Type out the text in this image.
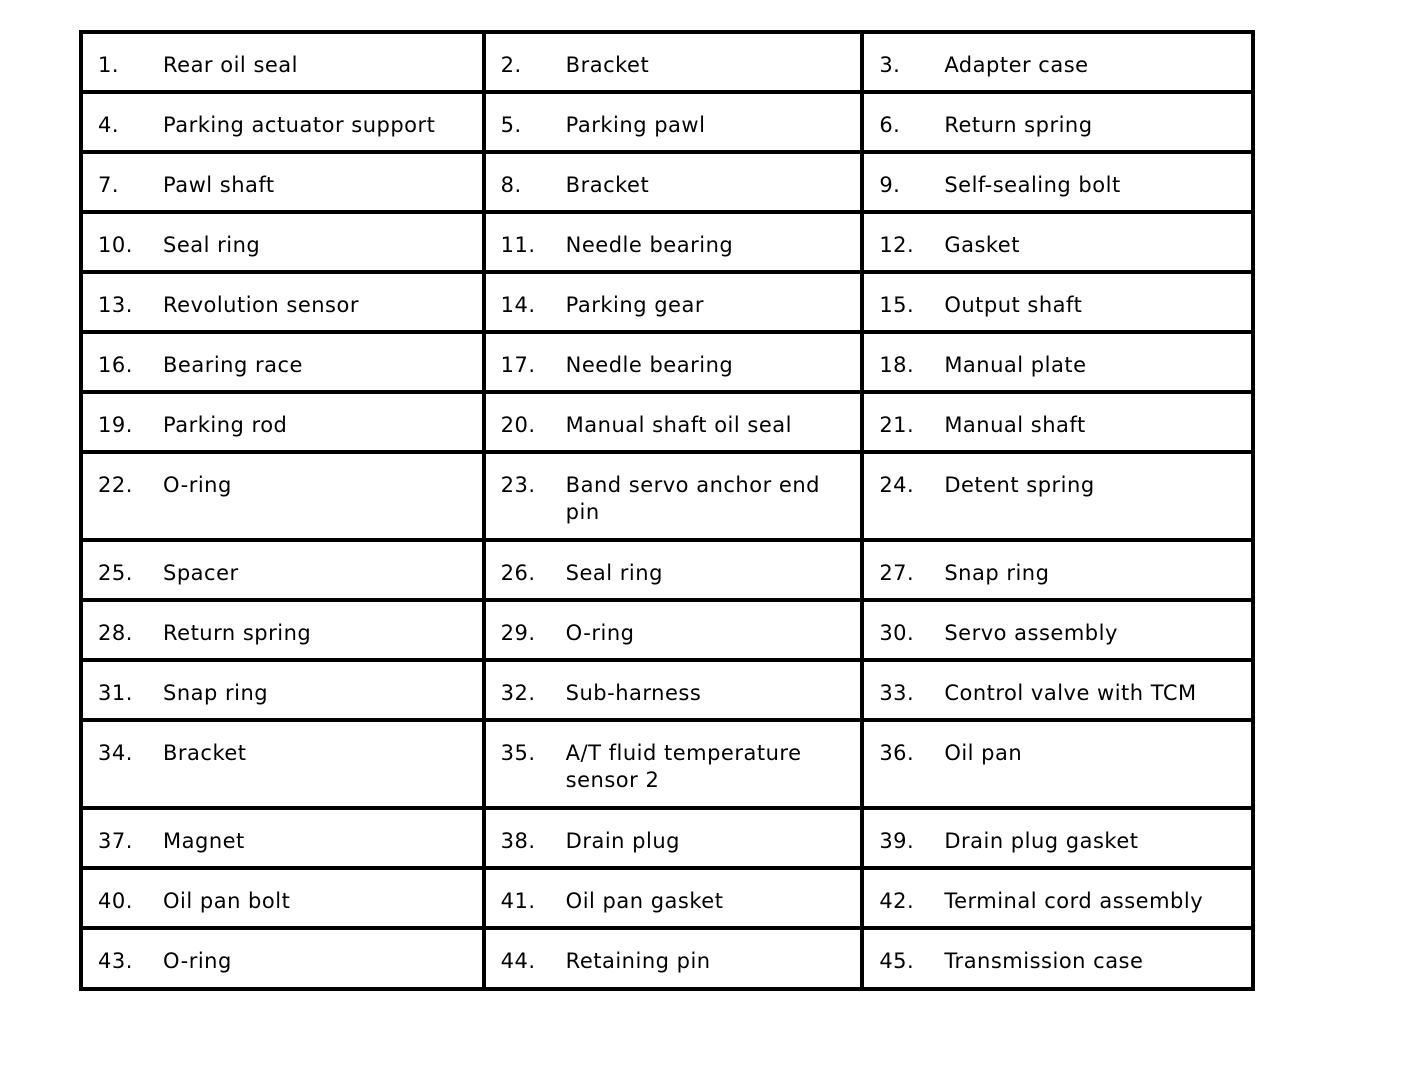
1. Rear oil seal	2. Bracket	3. Adapter case

4. Parking actuator support	5. Parking pawl	6. Return spring

7. Pawl shaft	8. Bracket	9. Self-sealing bolt

10. Seal ring	11. Needle bearing	12. Gasket

13. Revolution sensor	14. Parking gear	15. Output shaft

16. Bearing race	17. Needle bearing	18. Manual plate

19. Parking rod	20. Manual shaft oil seal	21. Manual shaft

22. O-ring	23. Band servo anchor end pin	24. Detent spring

25. Spacer	26. Seal ring	27. Snap ring

28. Return spring	29. O-ring	30. Servo assembly

31. Snap ring	32. Sub-harness	33. Control valve with TCM

34. Bracket	35. A/T fluid temperature sensor 2	36. Oil pan

37. Magnet	38. Drain plug	39. Drain plug gasket

40. Oil pan bolt	41. Oil pan gasket	42. Terminal cord assembly

43. O-ring	44. Retaining pin	45. Transmission case
